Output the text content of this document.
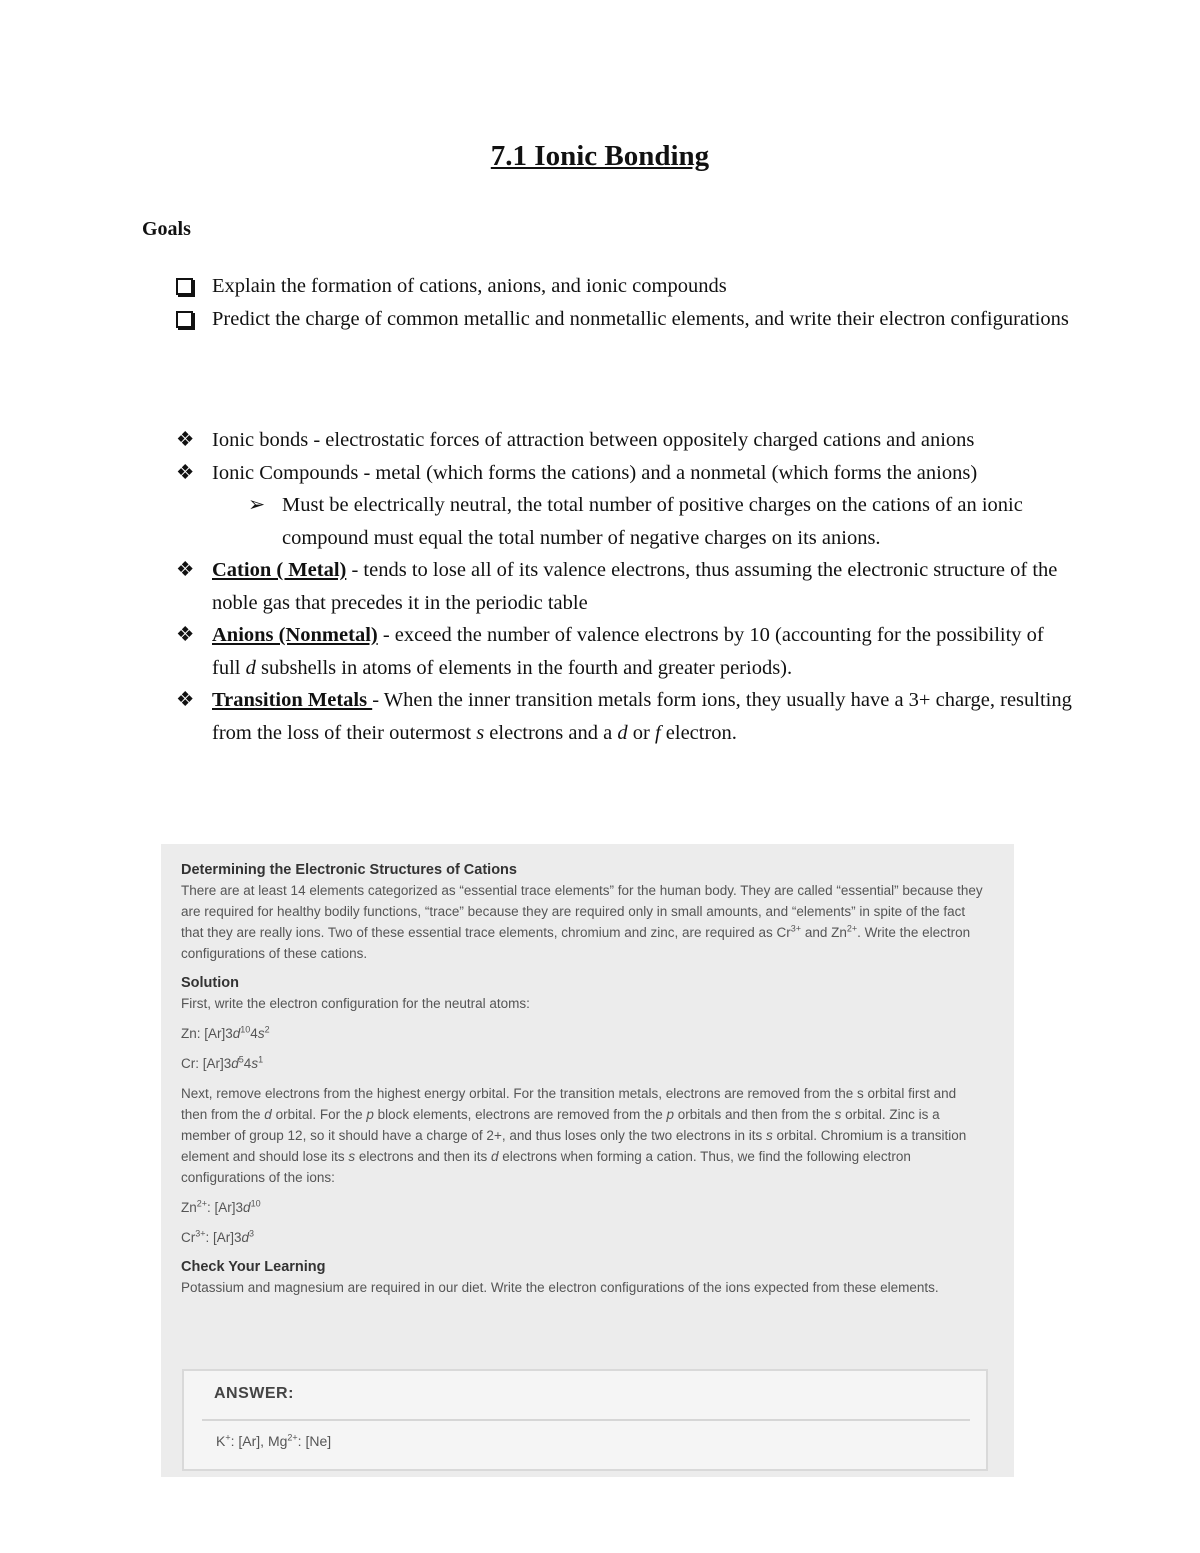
7.1 Ionic Bonding
Goals
Explain the formation of cations, anions, and ionic compounds
Predict the charge of common metallic and nonmetallic elements, and write their electron configurations
❖ Ionic bonds - electrostatic forces of attraction between oppositely charged cations and anions
❖ Ionic Compounds - metal (which forms the cations) and a nonmetal (which forms the anions)
➢ Must be electrically neutral, the total number of positive charges on the cations of an ionic compound must equal the total number of negative charges on its anions.
❖ Cation ( Metal) - tends to lose all of its valence electrons, thus assuming the electronic structure of the noble gas that precedes it in the periodic table
❖ Anions (Nonmetal) - exceed the number of valence electrons by 10 (accounting for the possibility of full d subshells in atoms of elements in the fourth and greater periods).
❖ Transition Metals - When the inner transition metals form ions, they usually have a 3+ charge, resulting from the loss of their outermost s electrons and a d or f electron.
Determining the Electronic Structures of Cations

There are at least 14 elements categorized as “essential trace elements” for the human body. They are called “essential” because they are required for healthy bodily functions, “trace” because they are required only in small amounts, and “elements” in spite of the fact that they are really ions. Two of these essential trace elements, chromium and zinc, are required as $Cr^{3+}$ and $Zn^{2+}$. Write the electron configurations of these cations.

Solution

First, write the electron configuration for the neutral atoms:

Zn: $[Ar]3d^{10}4s^2$

Cr: $[Ar]3d^54s^1$

Next, remove electrons from the highest energy orbital. For the transition metals, electrons are removed from the s orbital first and then from the d orbital. For the p block elements, electrons are removed from the p orbitals and then from the s orbital. Zinc is a member of group 12, so it should have a charge of 2+, and thus loses only the two electrons in its s orbital. Chromium is a transition element and should lose its s electrons and then its d electrons when forming a cation. Thus, we find the following electron configurations of the ions:

$Zn^{2+}$: $[Ar]3d^{10}$

$Cr^{3+}$: $[Ar]3d^3$

Check Your Learning

Potassium and magnesium are required in our diet. Write the electron configurations of the ions expected from these elements.

ANSWER:
K+: [Ar], $Mg^{2+}$: [Ne]
